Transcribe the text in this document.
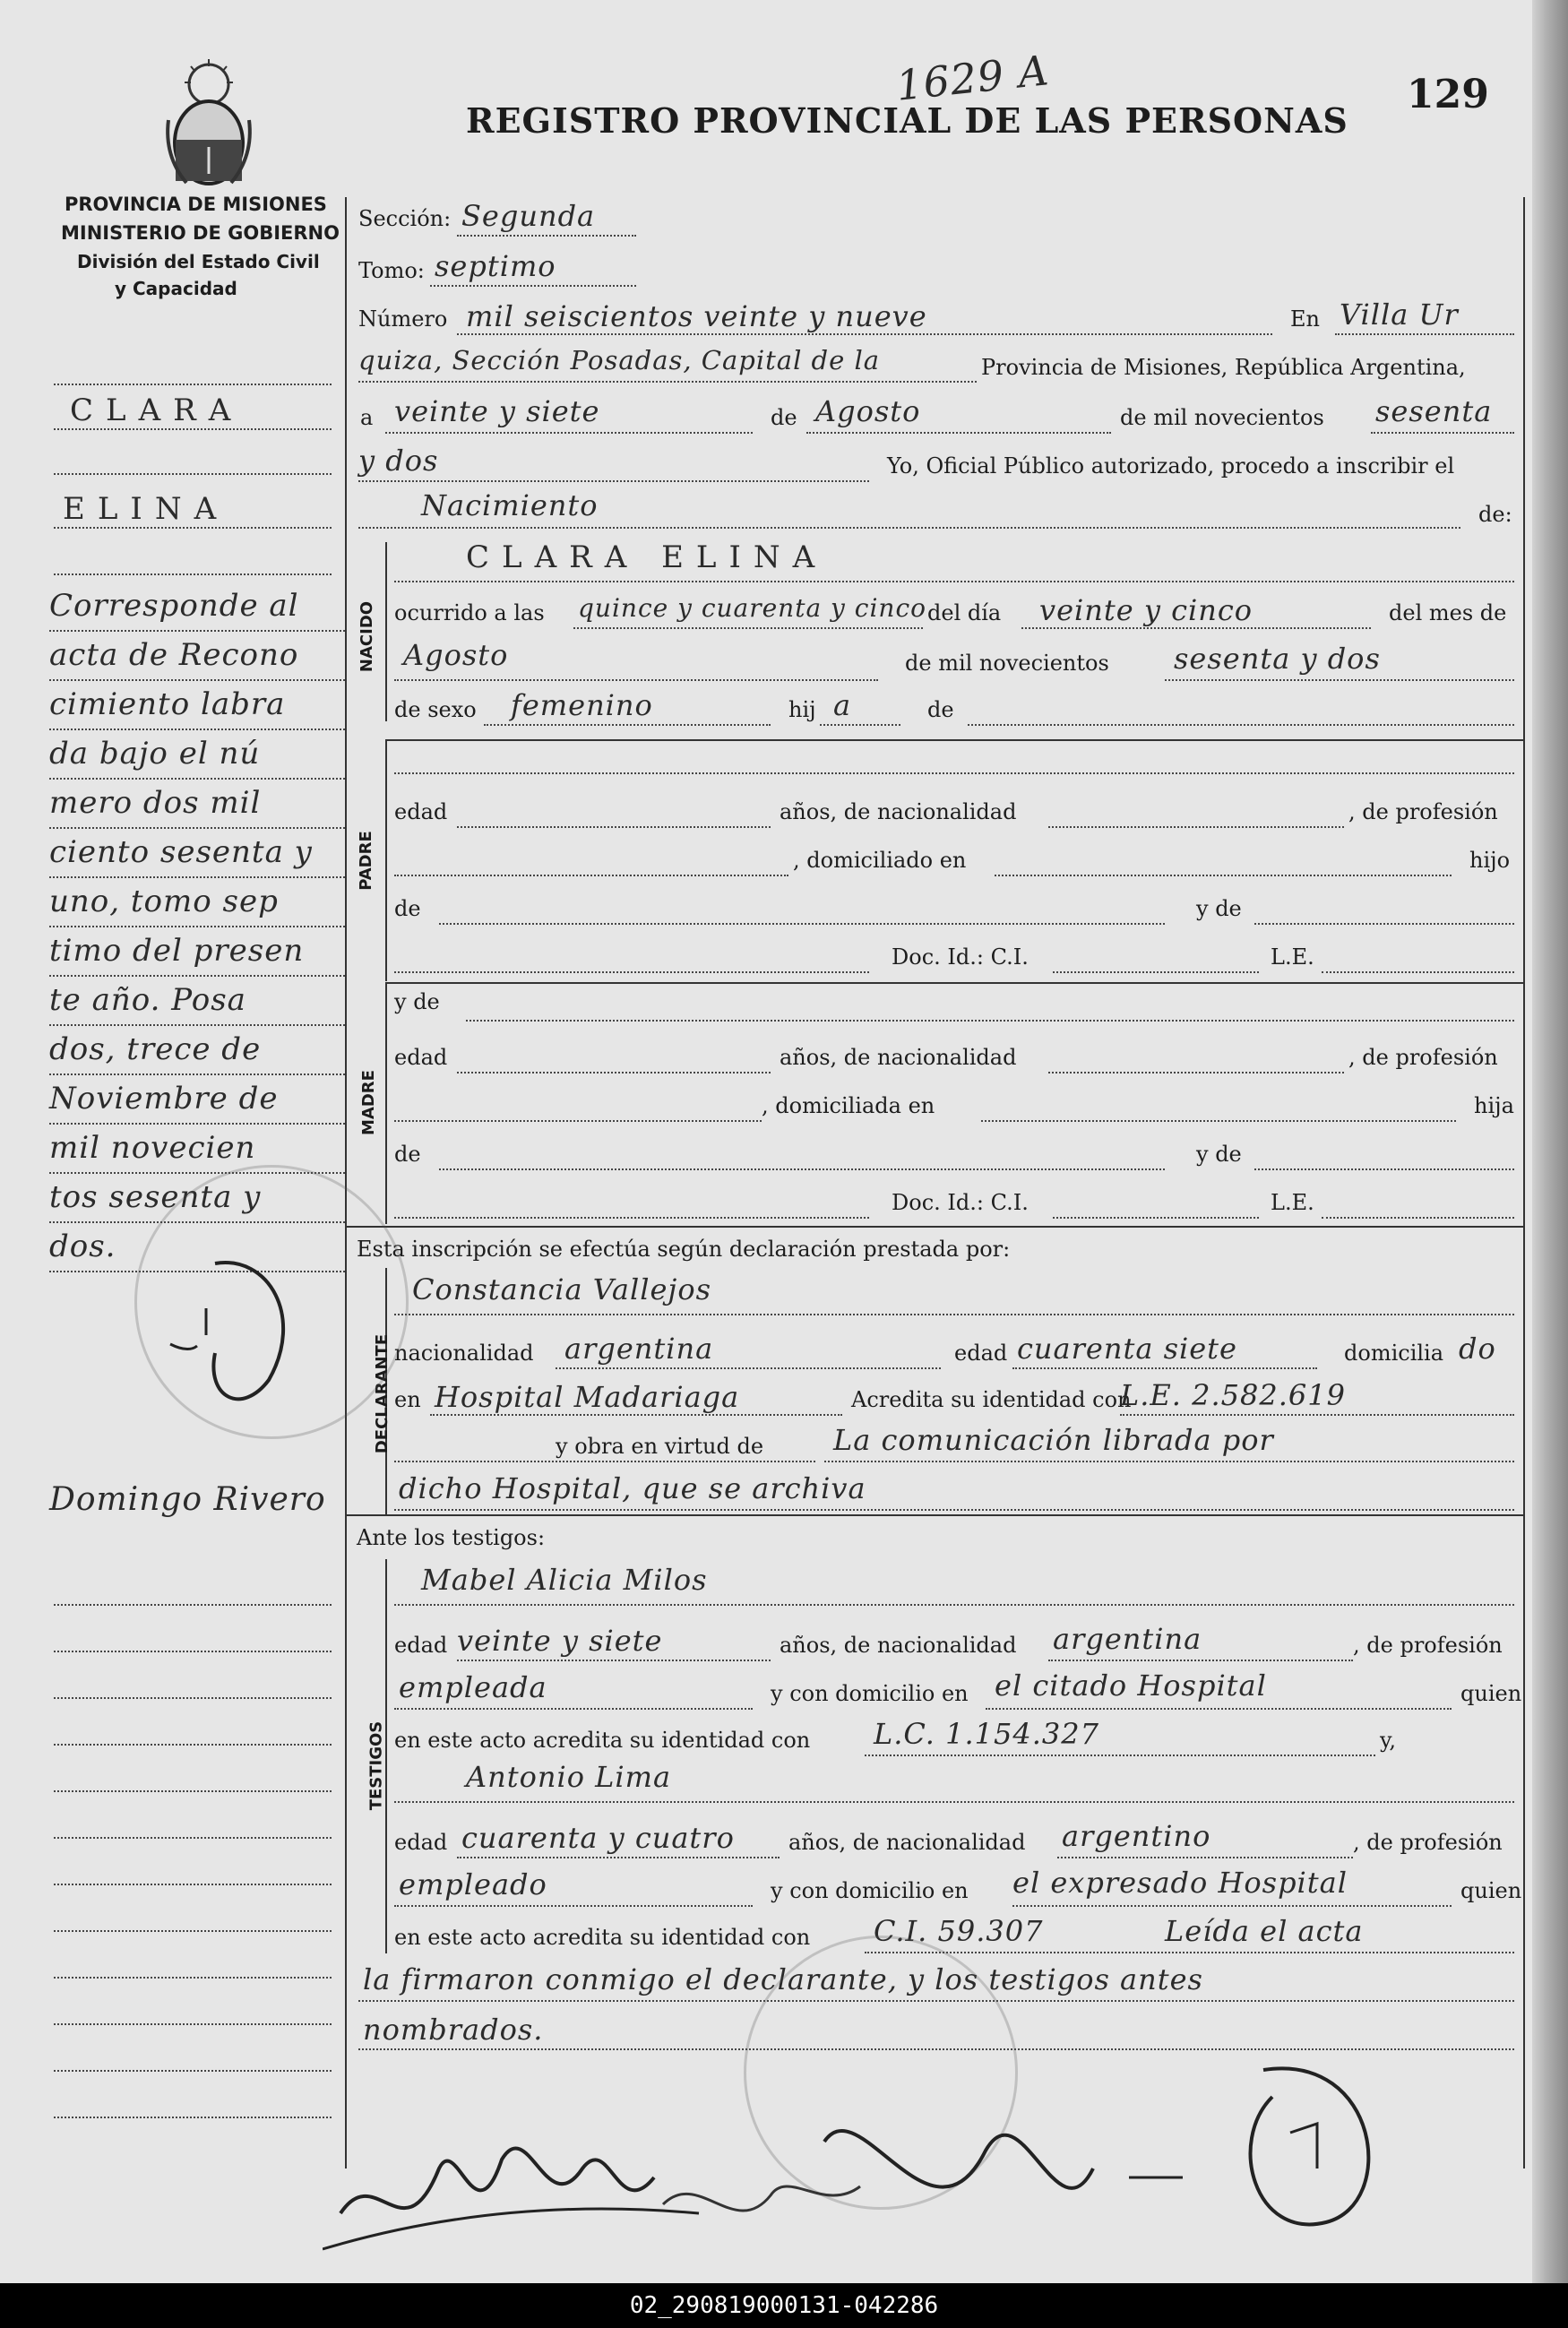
PROVINCIA DE MISIONES
MINISTERIO DE GOBIERNO
División del Estado Civil
y Capacidad
REGISTRO PROVINCIAL DE LAS PERSONAS
1629 A	129
CLARA
ELINA
Corresponde al
acta de Recono
cimiento labra
da bajo el nú
mero dos mil
ciento sesenta y
uno, tomo sep
timo del presen
te año. Posa
dos, trece de
Noviembre de
mil novecien
tos sesenta y
dos.
Domingo Rivero
Sección: Segunda
Tomo: septimo
Número mil seiscientos veinte y nueve	En Villa Ur
quiza, Sección Posadas, Capital de la	Provincia de Misiones, República Argentina,
a veinte y siete	de Agosto	de mil novecientos sesenta
y dos	Yo, Oficial Público autorizado, procedo a inscribir el
Nacimiento	de:
NACIDO
CLARA ELINA
ocurrido a las quince y cuarenta y cinco del día veinte y cinco	del mes de
Agosto	de mil novecientos sesenta y dos
de sexo femenino	hij a	de
PADRE
edad	años, de nacionalidad	, de profesión
, domiciliado en	hijo
de	y de
Doc. Id.: C.I.	L.E.
MADRE
y de
edad	años, de nacionalidad	, de profesión
, domiciliada en	hija
de	y de
Doc. Id.: C.I.	L.E.
Esta inscripción se efectúa según declaración prestada por:
DECLARANTE
Constancia Vallejos
nacionalidad argentina	edad cuarenta siete	domicilia do
en Hospital Madariaga	Acredita su identidad con
L.E. 2.582.619
y obra en virtud de La comunicación librada por
dicho Hospital, que se archiva
Ante los testigos:
TESTIGOS
Mabel Alicia Milos
edad veinte y siete	años, de nacionalidad argentina	, de profesión
empleada	y con domicilio en el citado Hospital	quien
en este acto acredita su identidad con L.C. 1.154.327	y,
Antonio Lima
edad cuarenta y cuatro	años, de nacionalidad argentino	, de profesión
empleado	y con domicilio en el expresado Hospital	quien
en este acto acredita su identidad con C.I. 59.307	Leída el acta
la firmaron conmigo el declarante, y los testigos antes
nombrados.
02_290819000131-042286
